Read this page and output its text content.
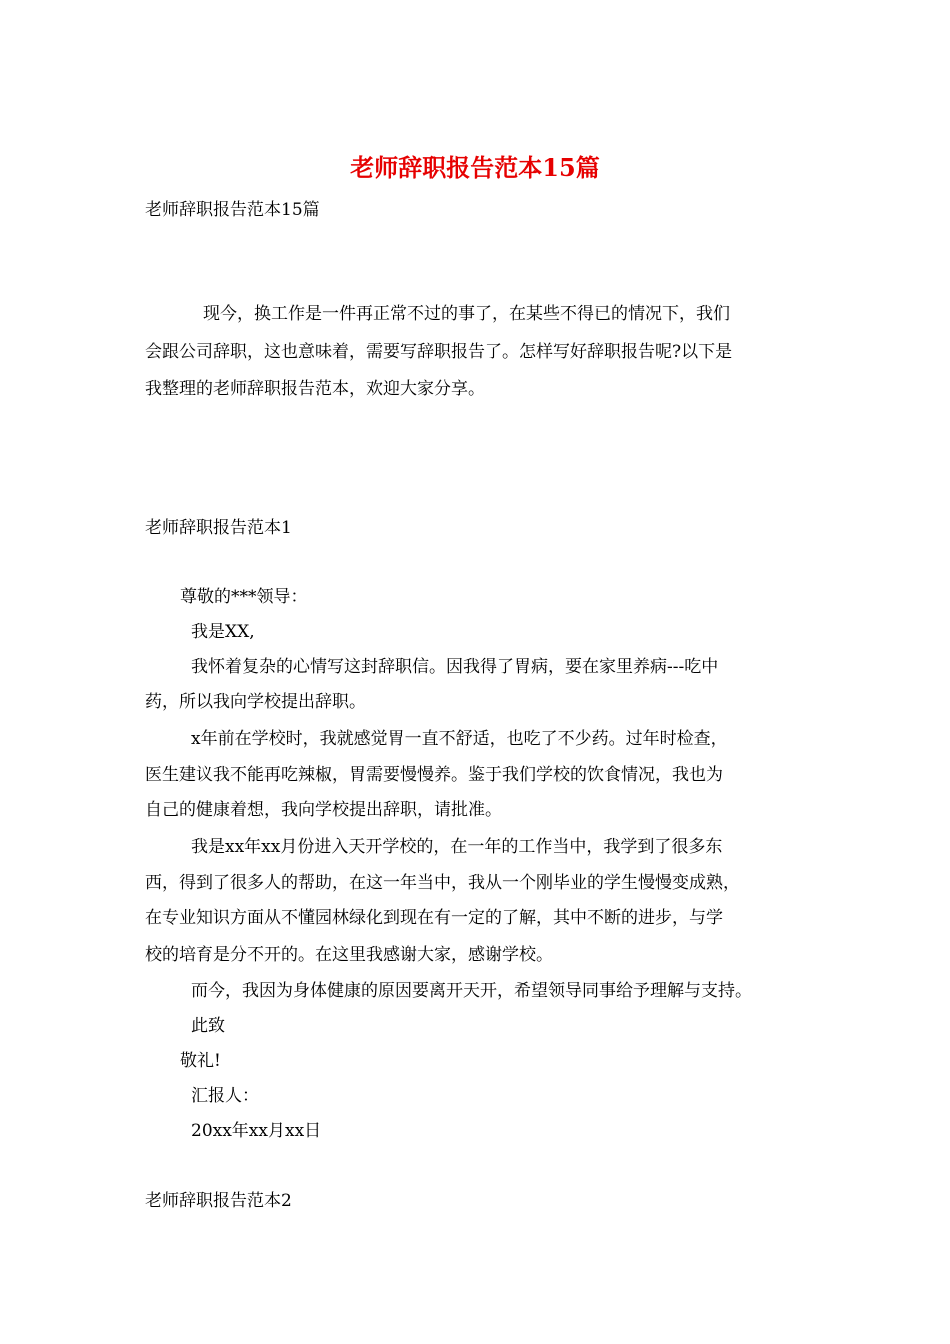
老师辞职报告范本15篇

老师辞职报告范本15篇

现今，换工作是一件再正常不过的事了，在某些不得已的情况下，我们

会跟公司辞职，这也意味着，需要写辞职报告了。怎样写好辞职报告呢?以下是

我整理的老师辞职报告范本，欢迎大家分享。

老师辞职报告范本1

尊敬的***领导：

我是XX,

我怀着复杂的心情写这封辞职信。因我得了胃病，要在家里养病---吃中

药，所以我向学校提出辞职。

x年前在学校时，我就感觉胃一直不舒适，也吃了不少药。过年时检查，

医生建议我不能再吃辣椒，胃需要慢慢养。鉴于我们学校的饮食情况，我也为

自己的健康着想，我向学校提出辞职，请批准。

我是xx年xx月份进入天开学校的，在一年的工作当中，我学到了很多东

西，得到了很多人的帮助，在这一年当中，我从一个刚毕业的学生慢慢变成熟，

在专业知识方面从不懂园林绿化到现在有一定的了解，其中不断的进步，与学

校的培育是分不开的。在这里我感谢大家，感谢学校。

而今，我因为身体健康的原因要离开天开，希望领导同事给予理解与支持。

此致

敬礼!

汇报人：

20xx年xx月xx日

老师辞职报告范本2
